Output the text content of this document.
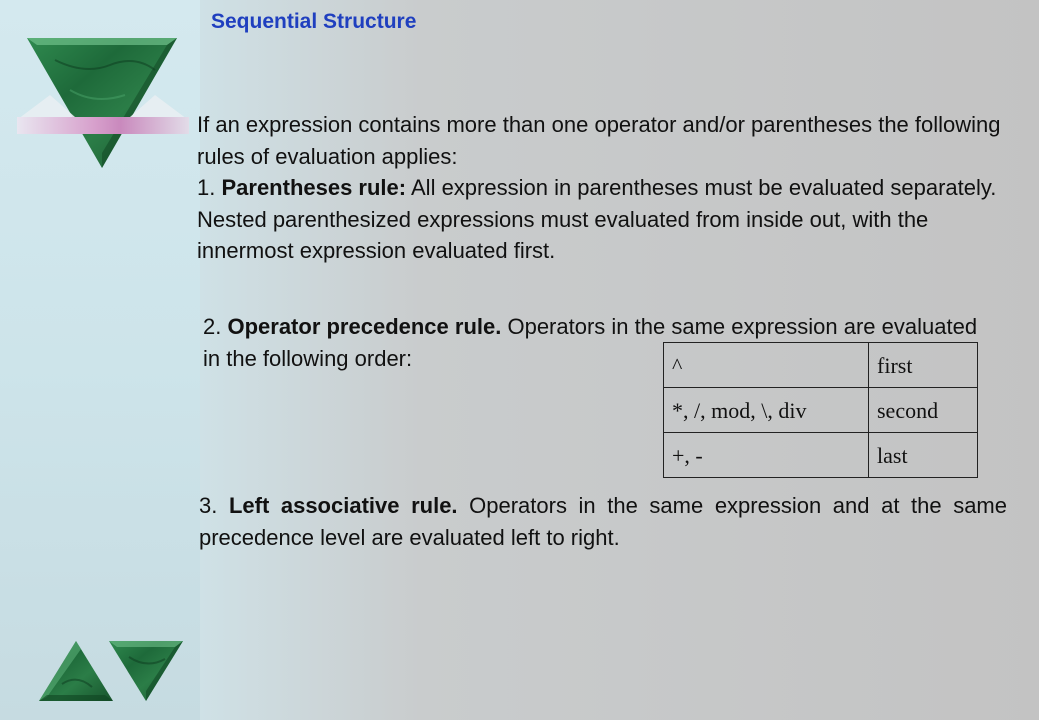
Sequential Structure
If an expression contains more than one operator and/or parentheses the following rules of evaluation applies:
1. Parentheses rule: All expression in parentheses must be evaluated separately. Nested parenthesized expressions must evaluated from inside out, with the innermost expression evaluated first.
2. Operator precedence rule. Operators in the same expression are evaluated in the following order:	^	first
*, /, mod, \, div	second
+, -	last
3. Left associative rule. Operators in the same expression and at the same precedence level are evaluated left to right.
